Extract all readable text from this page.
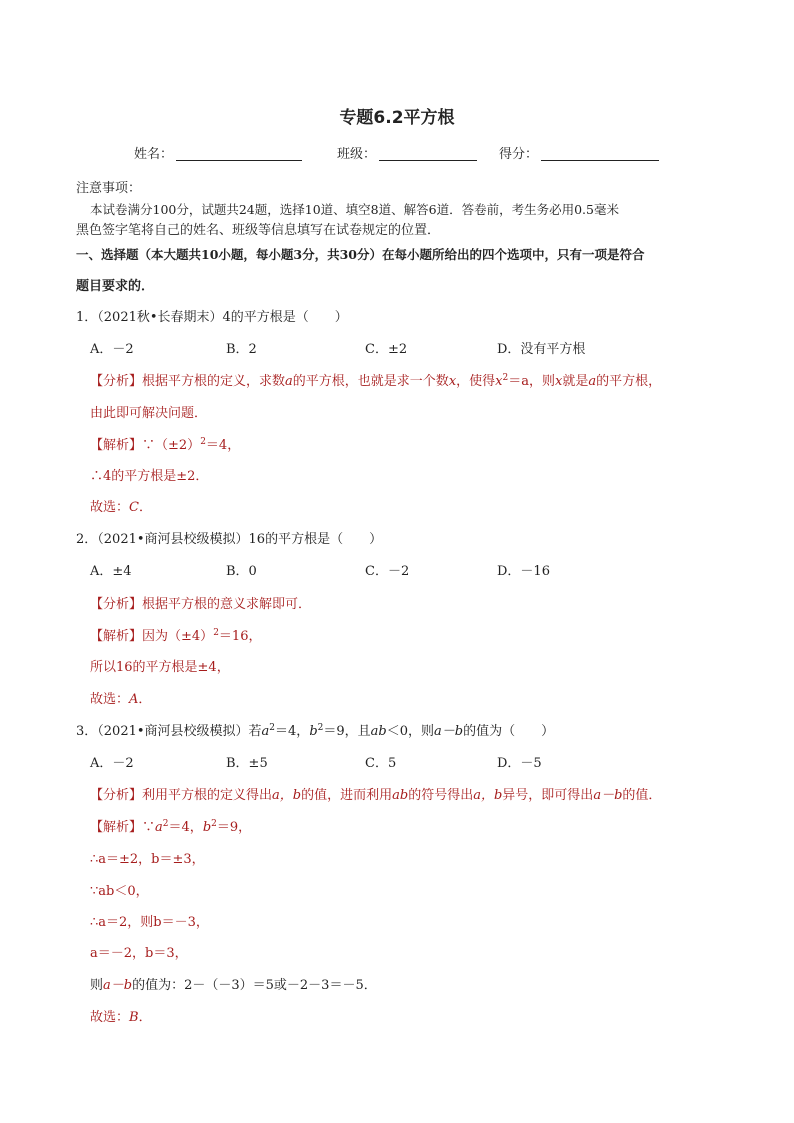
专题6.2平方根
姓名：	班级：	得分：
注意事项：
本试卷满分100分，试题共24题，选择10道、填空8道、解答6道．答卷前，考生务必用0.5毫米
黑色签字笔将自己的姓名、班级等信息填写在试卷规定的位置．
一、选择题（本大题共10小题，每小题3分，共30分）在每小题所给出的四个选项中，只有一项是符合
题目要求的．
1．（2021秋•长春期末）4的平方根是（　　）
A．－2	B．2	C．±2	D．没有平方根
【分析】根据平方根的定义，求数a的平方根，也就是求一个数x，使得$x^2=a$，则x就是a的平方根，
由此即可解决问题．
【解析】$\because(\pm 2)^2=4$，
∴4的平方根是±2．
故选：C．
2．（2021•商河县校级模拟）16的平方根是（　　）
A．±4	B．0	C．－2	D．－16
【分析】根据平方根的意义求解即可．
【解析】因为$(\pm 4)^2=16$，
所以16的平方根是±4，
故选：A．
3．（2021•商河县校级模拟）若$a^2=4$，$b^2=9$，且ab＜0，则a－b的值为（　　）
A．－2	B．±5	C．5	D．－5
【分析】利用平方根的定义得出a，b的值，进而利用ab的符号得出a，b异号，即可得出a－b的值．
【解析】$\because a^2=4$，$b^2=9$，
∴a＝±2，b＝±3，
∵ab＜0，
∴a＝2，则b＝－3，
a＝－2，b＝3，
则a－b的值为：2－（－3）＝5或－2－3＝－5．
故选：B．
